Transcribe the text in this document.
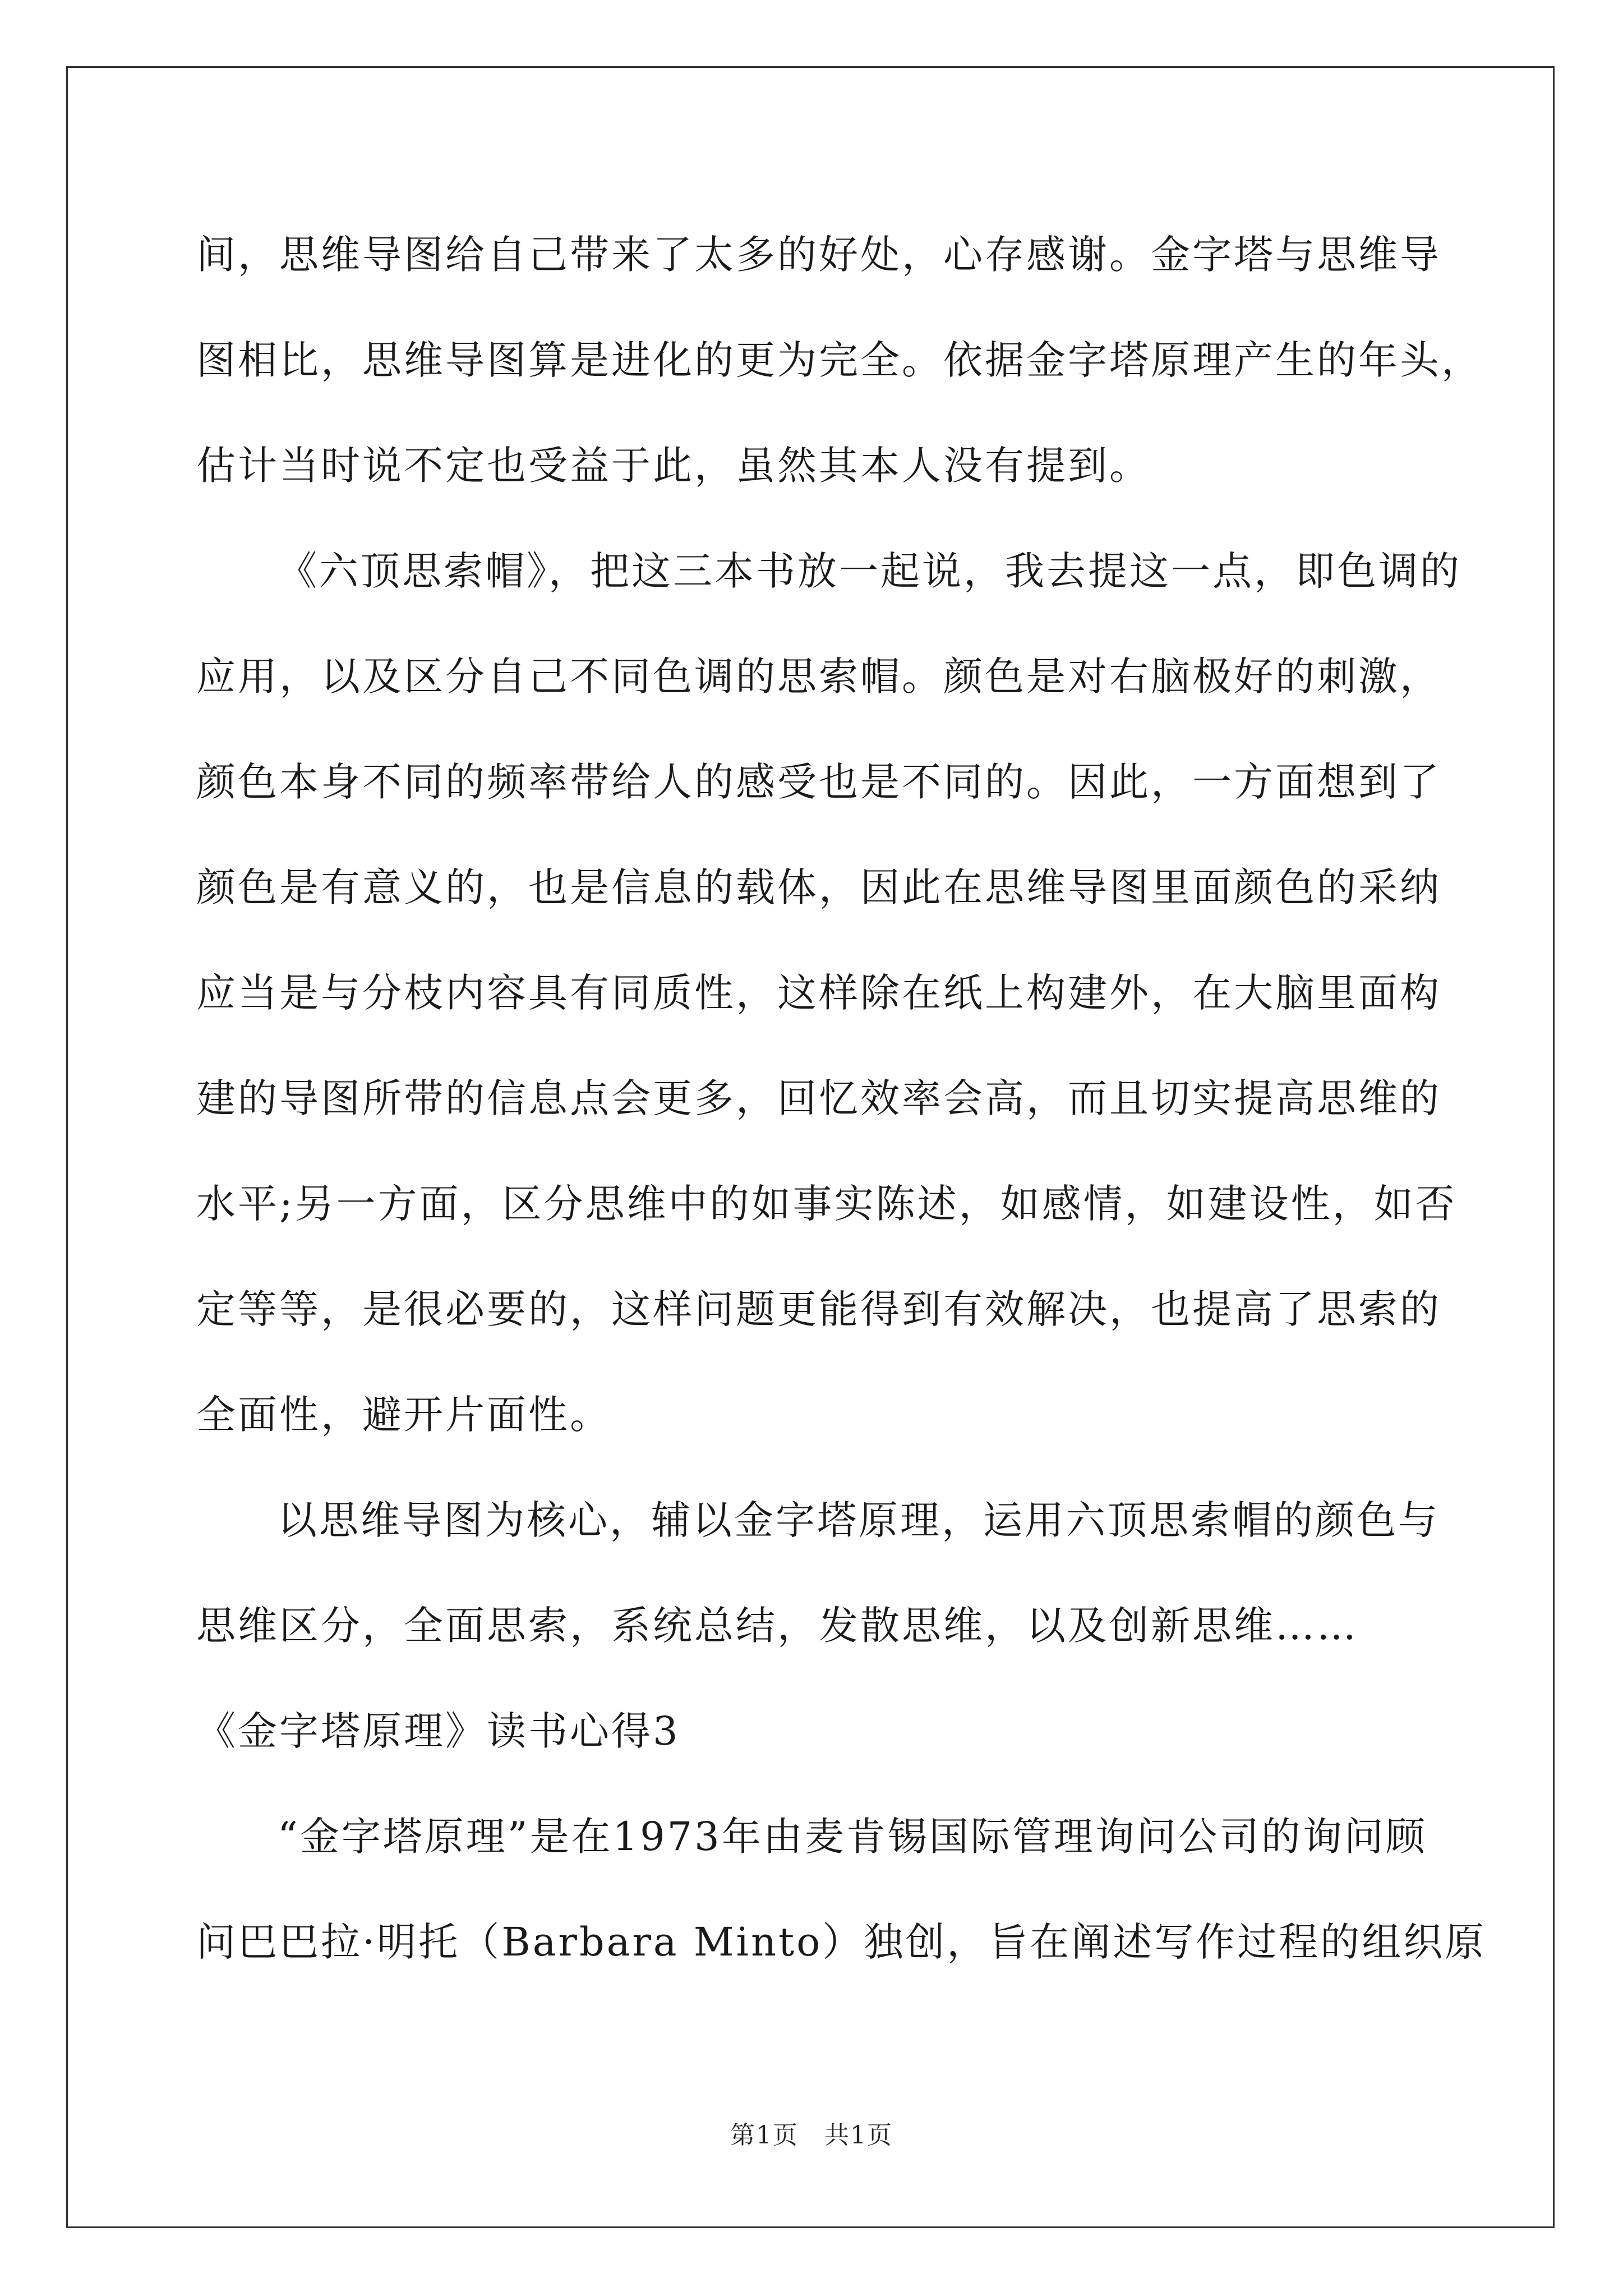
间，思维导图给自己带来了太多的好处，心存感谢。金字塔与思维导
图相比，思维导图算是进化的更为完全。依据金字塔原理产生的年头，
估计当时说不定也受益于此，虽然其本人没有提到。
《六顶思索帽》，把这三本书放一起说，我去提这一点，即色调的
应用，以及区分自己不同色调的思索帽。颜色是对右脑极好的刺激，
颜色本身不同的频率带给人的感受也是不同的。因此，一方面想到了
颜色是有意义的，也是信息的载体，因此在思维导图里面颜色的采纳
应当是与分枝内容具有同质性，这样除在纸上构建外，在大脑里面构
建的导图所带的信息点会更多，回忆效率会高，而且切实提高思维的
水平;另一方面，区分思维中的如事实陈述，如感情，如建设性，如否
定等等，是很必要的，这样问题更能得到有效解决，也提高了思索的
全面性，避开片面性。
以思维导图为核心，辅以金字塔原理，运用六顶思索帽的颜色与
思维区分，全面思索，系统总结，发散思维，以及创新思维……
《金字塔原理》读书心得3
“金字塔原理”是在1973年由麦肯锡国际管理询问公司的询问顾
问巴巴拉·明托（Barbara Minto）独创，旨在阐述写作过程的组织原
第1页　共1页
